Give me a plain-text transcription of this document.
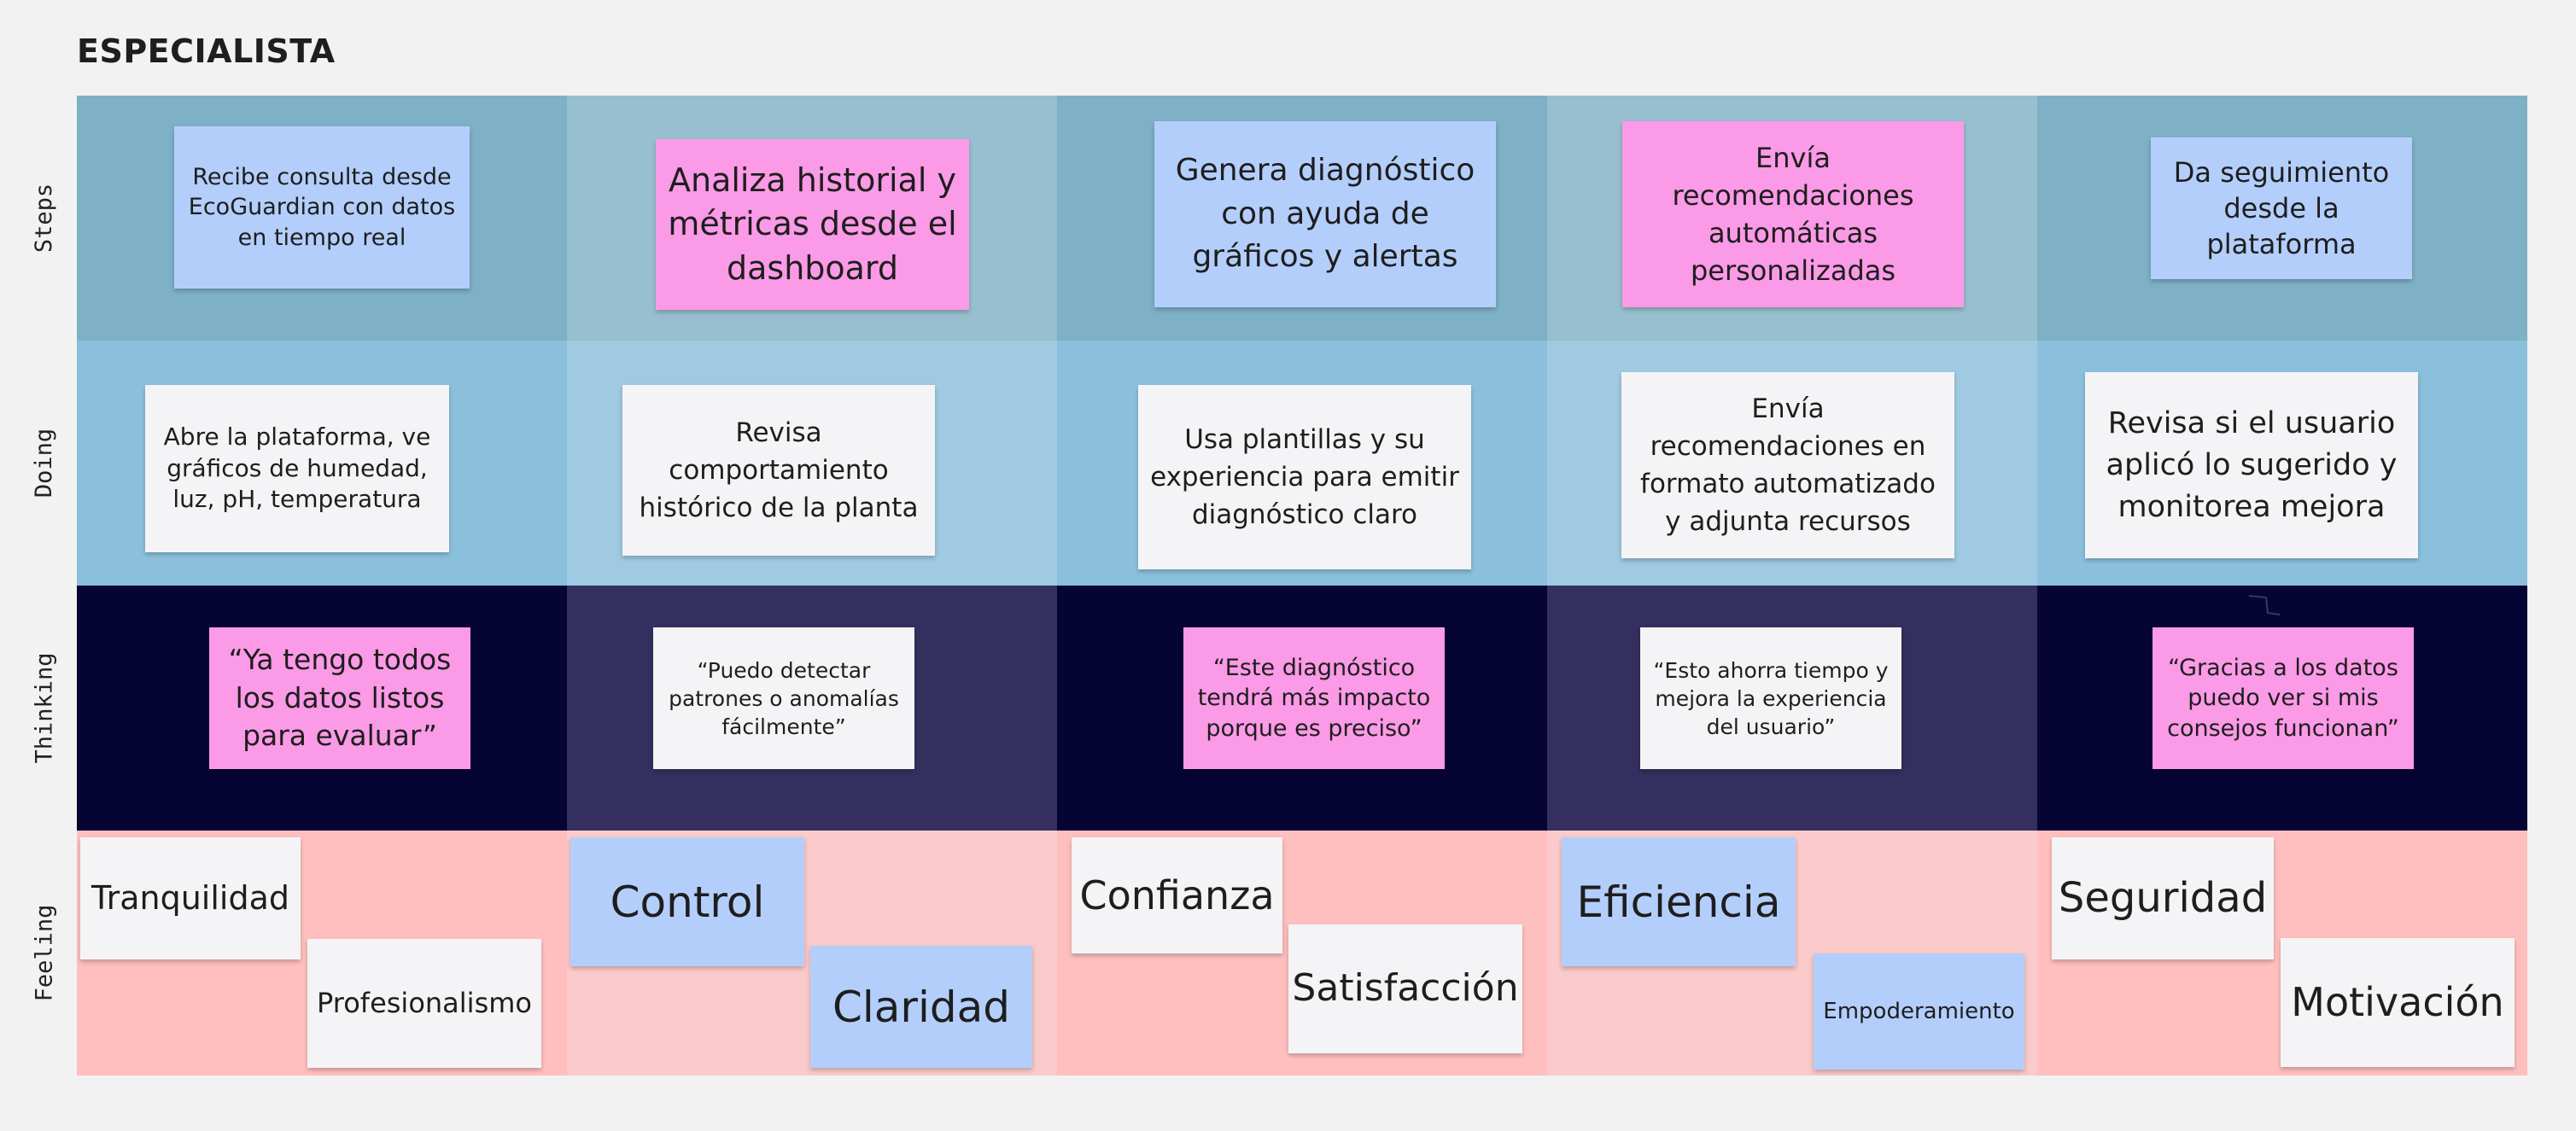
ESPECIALISTA
Steps
Doing
Thinking
Feeling
Recibe consulta desde EcoGuardian con datos en tiempo real
Analiza historial y métricas desde el dashboard
Genera diagnóstico con ayuda de gráficos y alertas
Envía recomendaciones automáticas personalizadas
Da seguimiento desde la plataforma
Abre la plataforma, ve gráficos de humedad, luz, pH, temperatura
Revisa comportamiento histórico de la planta
Usa plantillas y su experiencia para emitir diagnóstico claro
Envía recomendaciones en formato automatizado y adjunta recursos
Revisa si el usuario aplicó lo sugerido y monitorea mejora
“Ya tengo todos los datos listos para evaluar”
“Puedo detectar patrones o anomalías fácilmente”
“Este diagnóstico tendrá más impacto porque es preciso”
“Esto ahorra tiempo y mejora la experiencia del usuario”
“Gracias a los datos puedo ver si mis consejos funcionan”
Tranquilidad
Profesionalismo
Control
Claridad
Confianza
Satisfacción
Eficiencia
Empoderamiento
Seguridad
Motivación
